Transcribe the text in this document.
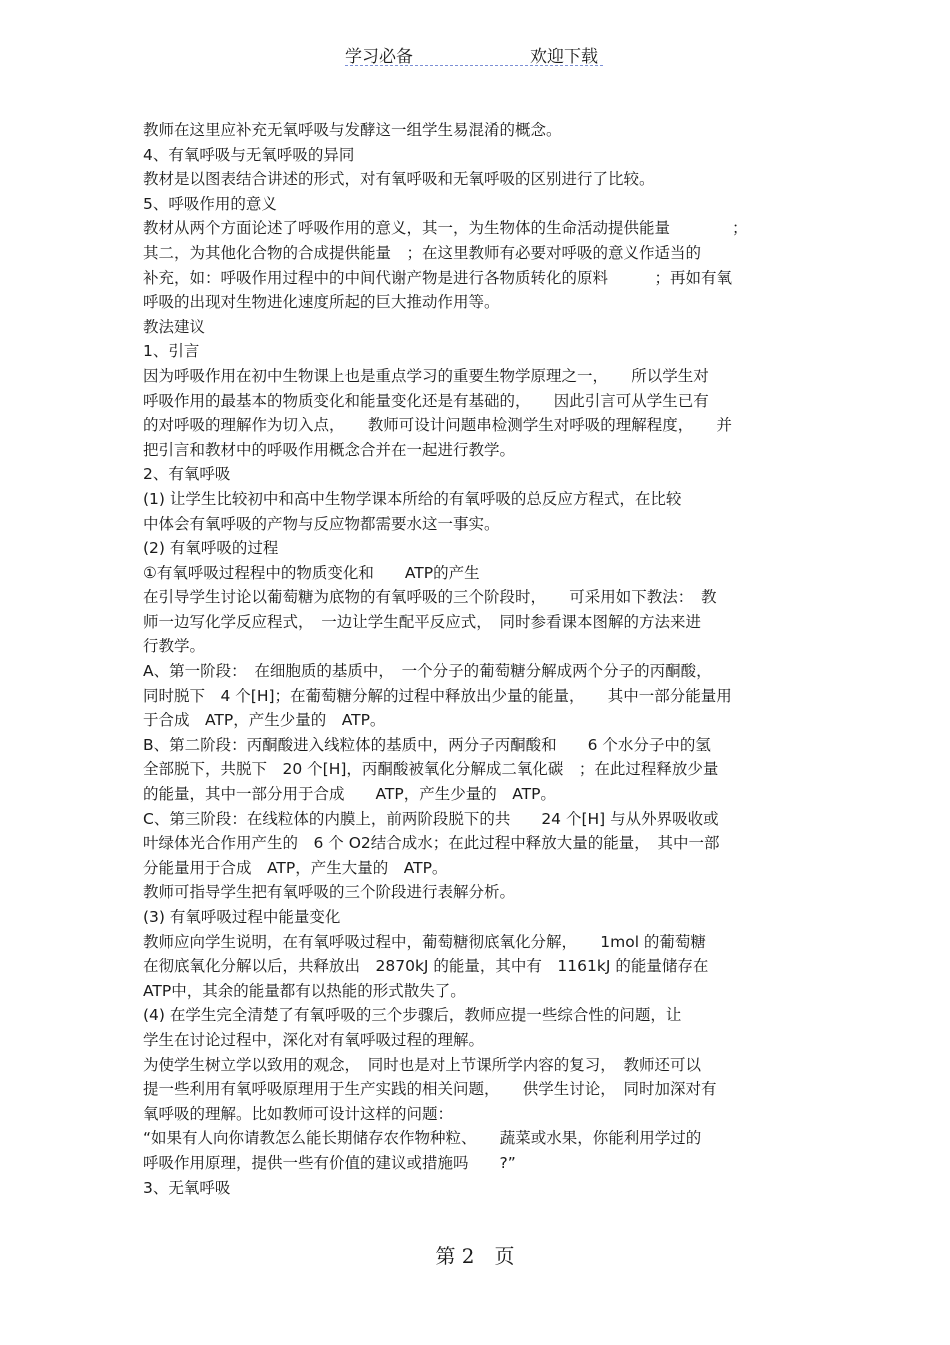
学习必备	欢迎下载
教师在这里应补充无氧呼吸与发酵这一组学生易混淆的概念。
4、有氧呼吸与无氧呼吸的异同
教材是以图表结合讲述的形式，对有氧呼吸和无氧呼吸的区别进行了比较。
5、呼吸作用的意义
教材从两个方面论述了呼吸作用的意义，其一，为生物体的生命活动提供能量　　　　；
其二，为其他化合物的合成提供能量　；在这里教师有必要对呼吸的意义作适当的
补充，如：呼吸作用过程中的中间代谢产物是进行各物质转化的原料　　　；再如有氧
呼吸的出现对生物进化速度所起的巨大推动作用等。
教法建议
1、引言
因为呼吸作用在初中生物课上也是重点学习的重要生物学原理之一，　　所以学生对
呼吸作用的最基本的物质变化和能量变化还是有基础的，　　因此引言可从学生已有
的对呼吸的理解作为切入点，　　教师可设计问题串检测学生对呼吸的理解程度，　　并
把引言和教材中的呼吸作用概念合并在一起进行教学。
2、有氧呼吸
(1) 让学生比较初中和高中生物学课本所给的有氧呼吸的总反应方程式，在比较
中体会有氧呼吸的产物与反应物都需要水这一事实。
(2) 有氧呼吸的过程
①有氧呼吸过程程中的物质变化和　　ATP的产生
在引导学生讨论以葡萄糖为底物的有氧呼吸的三个阶段时，　　可采用如下教法：　教
师一边写化学反应程式，　一边让学生配平反应式，　同时参看课本图解的方法来进
行教学。
A、第一阶段：　在细胞质的基质中，　一个分子的葡萄糖分解成两个分子的丙酮酸，
同时脱下　4 个[H]；在葡萄糖分解的过程中释放出少量的能量，　　其中一部分能量用
于合成　ATP，产生少量的　ATP。
B、第二阶段：丙酮酸进入线粒体的基质中，两分子丙酮酸和　　6 个水分子中的氢
全部脱下，共脱下　20 个[H]，丙酮酸被氧化分解成二氧化碳　；在此过程释放少量
的能量，其中一部分用于合成　　ATP，产生少量的　ATP。
C、第三阶段：在线粒体的内膜上，前两阶段脱下的共　　24 个[H] 与从外界吸收或
叶绿体光合作用产生的　6 个 O2结合成水；在此过程中释放大量的能量，　其中一部
分能量用于合成　ATP，产生大量的　ATP。
教师可指导学生把有氧呼吸的三个阶段进行表解分析。
(3) 有氧呼吸过程中能量变化
教师应向学生说明，在有氧呼吸过程中，葡萄糖彻底氧化分解，　　1mol 的葡萄糖
在彻底氧化分解以后，共释放出　2870kJ 的能量，其中有　1161kJ 的能量储存在
ATP中，其余的能量都有以热能的形式散失了。
(4) 在学生完全清楚了有氧呼吸的三个步骤后，教师应提一些综合性的问题，让
学生在讨论过程中，深化对有氧呼吸过程的理解。
为使学生树立学以致用的观念，　同时也是对上节课所学内容的复习，　教师还可以
提一些利用有氧呼吸原理用于生产实践的相关问题，　　供学生讨论，　同时加深对有
氧呼吸的理解。比如教师可设计这样的问题：
“如果有人向你请教怎么能长期储存农作物种粒、　　蔬菜或水果，你能利用学过的
呼吸作用原理，提供一些有价值的建议或措施吗　　?”
3、无氧呼吸
第 2　页
